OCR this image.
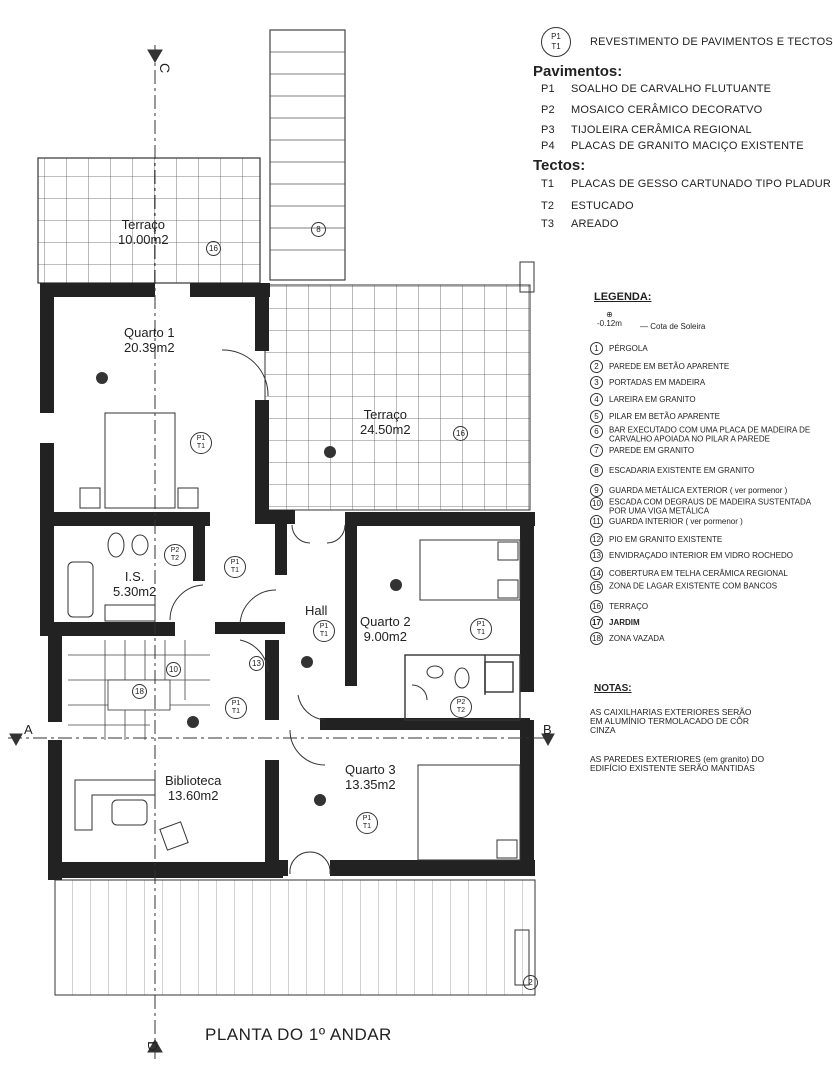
P1
T1	REVESTIMENTO DE PAVIMENTOS E TECTOS
Pavimentos:
P1 SOALHO DE CARVALHO FLUTUANTE
P2 MOSAICO CERÂMICO DECORATVO
P3 TIJOLEIRA CERÂMICA REGIONAL
P4 PLACAS DE GRANITO MACIÇO EXISTENTE
Tectos:
T1 PLACAS DE GESSO CARTUNADO TIPO PLADUR
T2 ESTUCADO
T3 AREADO
LEGENDA:
⊕
-0.12m — Cota de Soleira
1 PÉRGOLA
2 PAREDE EM BETÃO APARENTE
3 PORTADAS EM MADEIRA
4 LAREIRA EM GRANITO
5 PILAR EM BETÃO APARENTE
6	BAR EXECUTADO COM UMA PLACA DE MADEIRA DE CARVALHO APOIADA NO PILAR A PAREDE
7 PAREDE EM GRANITO
8 ESCADARIA EXISTENTE EM GRANITO
9 GUARDA METÁLICA EXTERIOR ( ver pormenor )
10 ESCADA COM DEGRAUS DE MADEIRA SUSTENTADA POR UMA VIGA METÁLICA
11 GUARDA INTERIOR ( ver pormenor )
12 PIO EM GRANITO EXISTENTE
13 ENVIDRAÇADO INTERIOR EM VIDRO ROCHEDO
14 COBERTURA EM TELHA CERÂMICA REGIONAL
15 ZONA DE LAGAR EXISTENTE COM BANCOS
16 TERRAÇO
17 JARDIM
18 ZONA VAZADA
NOTAS:
AS CAIXILHARIAS EXTERIORES SERÃO EM ALUMÍNIO TERMOLACADO DE CÔR CINZA
AS PAREDES EXTERIORES (em granito) DO EDIFÍCIO EXISTENTE SERÃO MANTIDAS
Terraço
10.00m2
Quarto 1
20.39m2
Terraço
24.50m2
I.S.
5.30m2
Hall
Quarto 2
9.00m2
Biblioteca
13.60m2
Quarto 3
13.35m2
P1
T1
P1
T1
P2
T2
P1
T1
P1
T1
P2
T2
P1
T1
P1
T1
16
8
16
10
18
13
2
C
A	B
D
PLANTA DO 1º ANDAR
